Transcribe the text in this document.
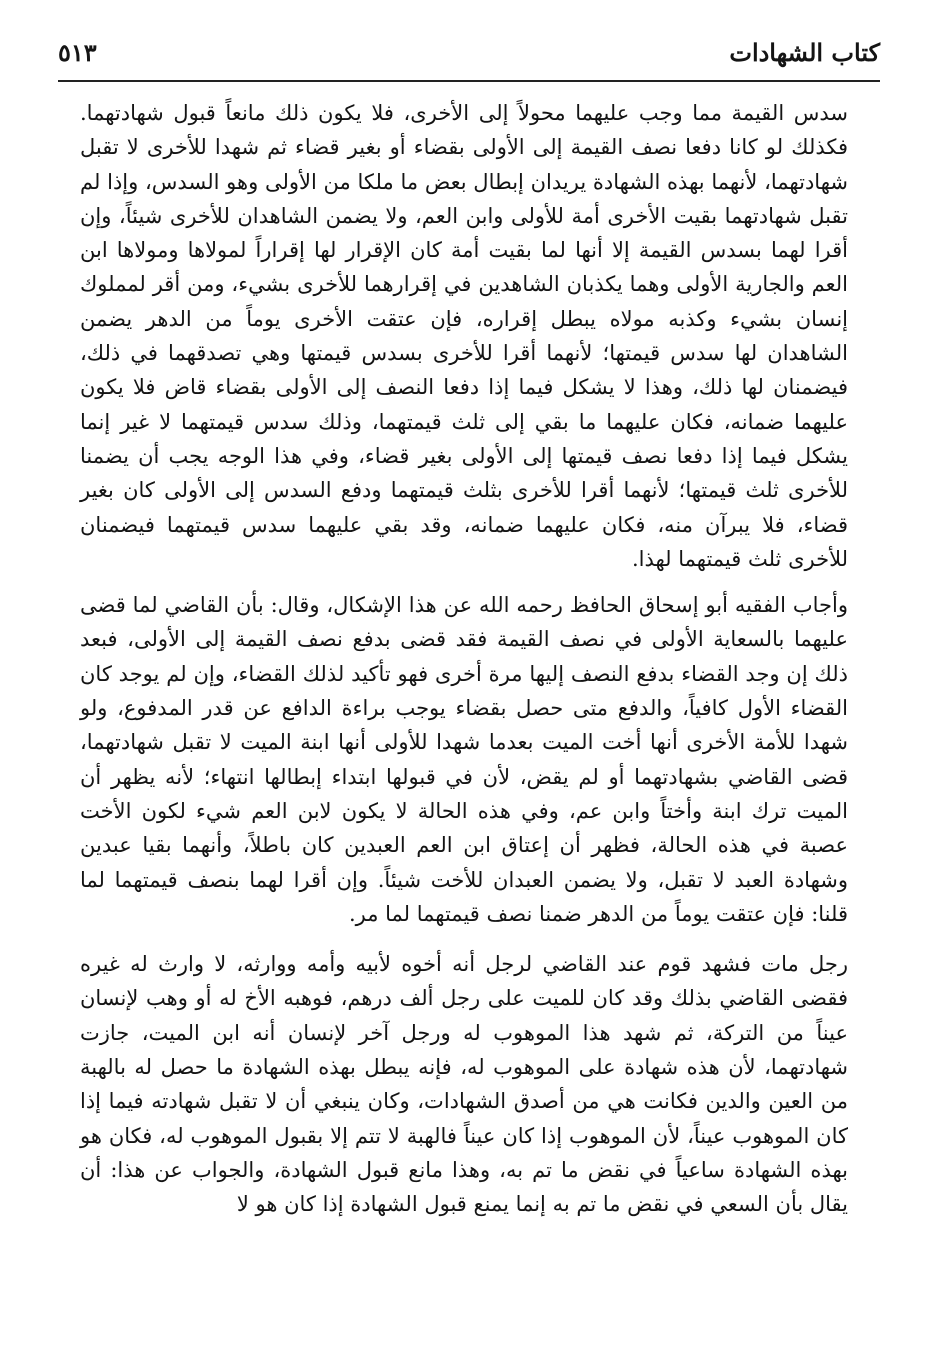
كتاب الشهادات
٥١٣

سدس القيمة مما وجب عليهما محولاً إلى الأخرى، فلا يكون ذلك مانعاً قبول شهادتهما. فكذلك لو كانا دفعا نصف القيمة إلى الأولى بقضاء أو بغير قضاء ثم شهدا للأخرى لا تقبل شهادتهما، لأنهما بهذه الشهادة يريدان إبطال بعض ما ملكا من الأولى وهو السدس، وإذا لم تقبل شهادتهما بقيت الأخرى أمة للأولى وابن العم، ولا يضمن الشاهدان للأخرى شيئاً، وإن أقرا لهما بسدس القيمة إلا أنها لما بقيت أمة كان الإقرار لها إقراراً لمولاها ومولاها ابن العم والجارية الأولى وهما يكذبان الشاهدين في إقرارهما للأخرى بشيء، ومن أقر لمملوك إنسان بشيء وكذبه مولاه يبطل إقراره، فإن عتقت الأخرى يوماً من الدهر يضمن الشاهدان لها سدس قيمتها؛ لأنهما أقرا للأخرى بسدس قيمتها وهي تصدقهما في ذلك، فيضمنان لها ذلك، وهذا لا يشكل فيما إذا دفعا النصف إلى الأولى بقضاء قاض فلا يكون عليهما ضمانه، فكان عليهما ما بقي إلى ثلث قيمتهما، وذلك سدس قيمتهما لا غير إنما يشكل فيما إذا دفعا نصف قيمتها إلى الأولى بغير قضاء، وفي هذا الوجه يجب أن يضمنا للأخرى ثلث قيمتها؛ لأنهما أقرا للأخرى بثلث قيمتهما ودفع السدس إلى الأولى كان بغير قضاء، فلا يبرآن منه، فكان عليهما ضمانه، وقد بقي عليهما سدس قيمتهما فيضمنان للأخرى ثلث قيمتهما لهذا.

وأجاب الفقيه أبو إسحاق الحافظ رحمه الله عن هذا الإشكال، وقال: بأن القاضي لما قضى عليهما بالسعاية الأولى في نصف القيمة فقد قضى بدفع نصف القيمة إلى الأولى، فبعد ذلك إن وجد القضاء بدفع النصف إليها مرة أخرى فهو تأكيد لذلك القضاء، وإن لم يوجد كان القضاء الأول كافياً، والدفع متى حصل بقضاء يوجب براءة الدافع عن قدر المدفوع، ولو شهدا للأمة الأخرى أنها أخت الميت بعدما شهدا للأولى أنها ابنة الميت لا تقبل شهادتهما، قضى القاضي بشهادتهما أو لم يقض، لأن في قبولها ابتداء إبطالها انتهاء؛ لأنه يظهر أن الميت ترك ابنة وأختاً وابن عم، وفي هذه الحالة لا يكون لابن العم شيء لكون الأخت عصبة في هذه الحالة، فظهر أن إعتاق ابن العم العبدين كان باطلاً، وأنهما بقيا عبدين وشهادة العبد لا تقبل، ولا يضمن العبدان للأخت شيئاً. وإن أقرا لهما بنصف قيمتهما لما قلنا: فإن عتقت يوماً من الدهر ضمنا نصف قيمتهما لما مر.

رجل مات فشهد قوم عند القاضي لرجل أنه أخوه لأبيه وأمه ووارثه، لا وارث له غيره فقضى القاضي بذلك وقد كان للميت على رجل ألف درهم، فوهبه الأخ له أو وهب لإنسان عيناً من التركة، ثم شهد هذا الموهوب له ورجل آخر لإنسان أنه ابن الميت، جازت شهادتهما، لأن هذه شهادة على الموهوب له، فإنه يبطل بهذه الشهادة ما حصل له بالهبة من العين والدين فكانت هي من أصدق الشهادات، وكان ينبغي أن لا تقبل شهادته فيما إذا كان الموهوب عيناً، لأن الموهوب إذا كان عيناً فالهبة لا تتم إلا بقبول الموهوب له، فكان هو بهذه الشهادة ساعياً في نقض ما تم به، وهذا مانع قبول الشهادة، والجواب عن هذا: أن يقال بأن السعي في نقض ما تم به إنما يمنع قبول الشهادة إذا كان هو لا
